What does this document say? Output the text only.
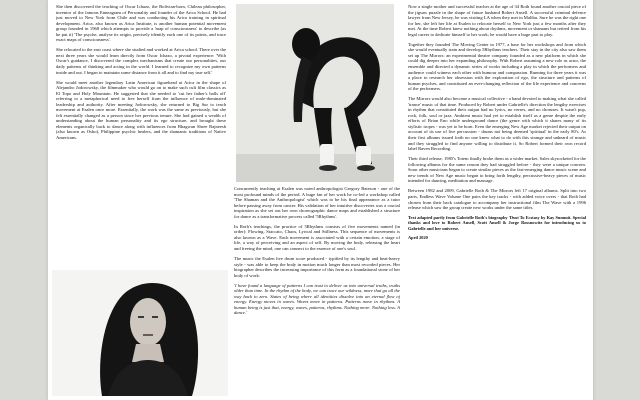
She then discovered the teaching of Oscar Ichazo, the Bolivian-born, Chilean philosopher, inventor of the famous Enneagram of Personality and founder of the Arica School. He had just moved to New York from Chile and was conducting his Arica training in spiritual development. Arica, also known as Arica Institute, is another human potential movement group founded in 1968 which attempts to provide a 'map of consciousness' to describe (as he put it) 'The psyche, analyse its origin, precisely identify each one of its points, and trace exact maps of consciousness'.

She relocated to the east coast where she studied and worked at Arica school. There over the next three years she would learn directly from Oscar Ichazo, a pivotal experience: 'With Oscar's guidance, I discovered the complex mechanisms that create our personalities, our daily patterns of thinking and acting in the world. I learned to recognize my own patterns inside and out. I began to maintain some distance from it all and to find my true self.'

She would meet another legendary Latin American figurehead at Arica in the shape of Alejandro Jodorowsky, the filmmaker who would go on to make such cult film classics as El Topo and Holy Mountain. He suggested that she needed to 'cut her father's balls off' referring to a metaphorical need to free herself from the influence of male-dominated leadership and authority. After meeting Jodorowsky, she returned to Big Sur to teach movement at Esalen once more. Essentially, the work was the same as previously, but she felt essentially changed as a person since her previous tenure. She had gained a wealth of understanding about the human personality and its ego structure, and brought these elements organically back to dance along with influences from Bhagwan Shree Rajneesh (also known as Osho), Philippine psychic healers, and the shamanic traditions of Native Americans.

Concurrently teaching at Esalen was noted anthropologist Gregory Bateson - one of the most profound minds of the period. A huge fan of her work he co-led a workshop called 'The Shaman and the Anthropologist' which was to be his final appearance as a tutor before passing away from cancer. His validation of her intuitive discoveries was a crucial inspiration as she set out her own choreographic dance maps and established a structure for dance as a transformative process called '5Rhythms'.

In Roth's teachings, the practice of 5Rhythms consists of five movements named (in order): Flowing, Staccato, Chaos, Lyrical and Stillness. This sequence of movements is also known as a Wave. Each movement is associated with a certain emotion, a stage of life, a way of perceiving and an aspect of self. By moving the body, releasing the heart and freeing the mind, one can connect to the essence of one's soul.

The music the Esalen live drum score produced - typified by its lengthy and beat-heavy style - was able to keep the body in motion much longer than most recorded pieces. Her biographer describes the increasing importance of this form as a foundational stone of her body of work:

'I have found a language of patterns I can trust to deliver us into universal truths, truths older than time. In the rhythm of the body, we can trace our wildness, more that go all the way back to zero. States of being where all identities dissolve into an eternal flow of energy. Energy moves in waves. Waves move in patterns. Patterns move in rhythms. A human being is just that, energy, waves, patterns, rhythms. Nothing more. Nothing less. A dance.'

Now a single mother and successful teacher at the age of 34 Roth found another crucial piece of the jigsaw puzzle in the shape of future husband Robert Ansell. A successful criminal defence lawyer from New Jersey, he was visiting LA when they met in Malibu. Sure he was the right one for her, she left her life at Esalen to relocate herself to New York just a few months after they met. At the time Robert knew nothing about rhythms, movement or shamans but retired from his legal career to dedicate himself to her work; he would have a huge part to play.

Together they founded The Moving Center in 1977, a base for her workshops and from which she would eventually train and develop 5Rhythms teachers. Their stay in the city also saw them set up The Mirrors: an experimental theatre company founded as a new platform in which she could dig deeper into her expanding philosophy. With Robert assuming a new role as actor, the ensemble and directed a dynamic series of works including a play in which the performers and audience could witness each other with humour and compassion. Running for three years it was a place to research her obsession with the exploration of ego, the structure and patterns of human psyches, and constituted an ever-changing reflection of the life experience and concerns of the performers.

The Mirrors would also become a musical collective - a band devoted to making what she called 'trance' music of that time. Produced by Robert under Gabrielle's direction the lengthy exercises in rhythm that constituted their output had no lyrics, no verses, and no choruses. It wasn't pop, rock, folk, soul or jazz. Ambient music had yet to establish itself as a genre despite the early efforts of Brian Eno while underground dance (the genre with which it shares many of its stylistic tropes - was yet to be born. Even the emerging New Age market rejected their output on account of its use of live percussion - drums not being deemed 'spiritual' in the early 80's. As their first albums issued forth no one knew what to do with this strange and unheard of music and they struggled to find anyone willing to distribute it. So Robert formed their own record label Raven Recording.

Their third release, 1985's Totem finally broke them as a wider market. Sales skyrocketed for the following albums for the same reason they had struggled before - they were a unique concern. Soon other musicians began to create similar pieces as the fast-emerging dance music scene and new trends of New Age music began to bring forth lengthy, percussive-heavy pieces of music intended for dancing, meditation and massage.

Between 1982 and 2009, Gabrielle Roth & The Mirrors left 17 original albums. Split into two parts, Endless Wave Volume One pairs the key tracks - with added voice overs - that Roth had chosen from their back catalogue to accompany her instructional film The Wave with a 1996 release which saw the group create new works under the same titles.

Text adapted partly from Gabrielle Roth's biography 'Dust To Ecstasy by Kay Summit. Special thanks and love to Robert Ansell, Scott Ansell & Jorge Rossnowitz for introducing us to Gabrielle and her universe.

April 2020
